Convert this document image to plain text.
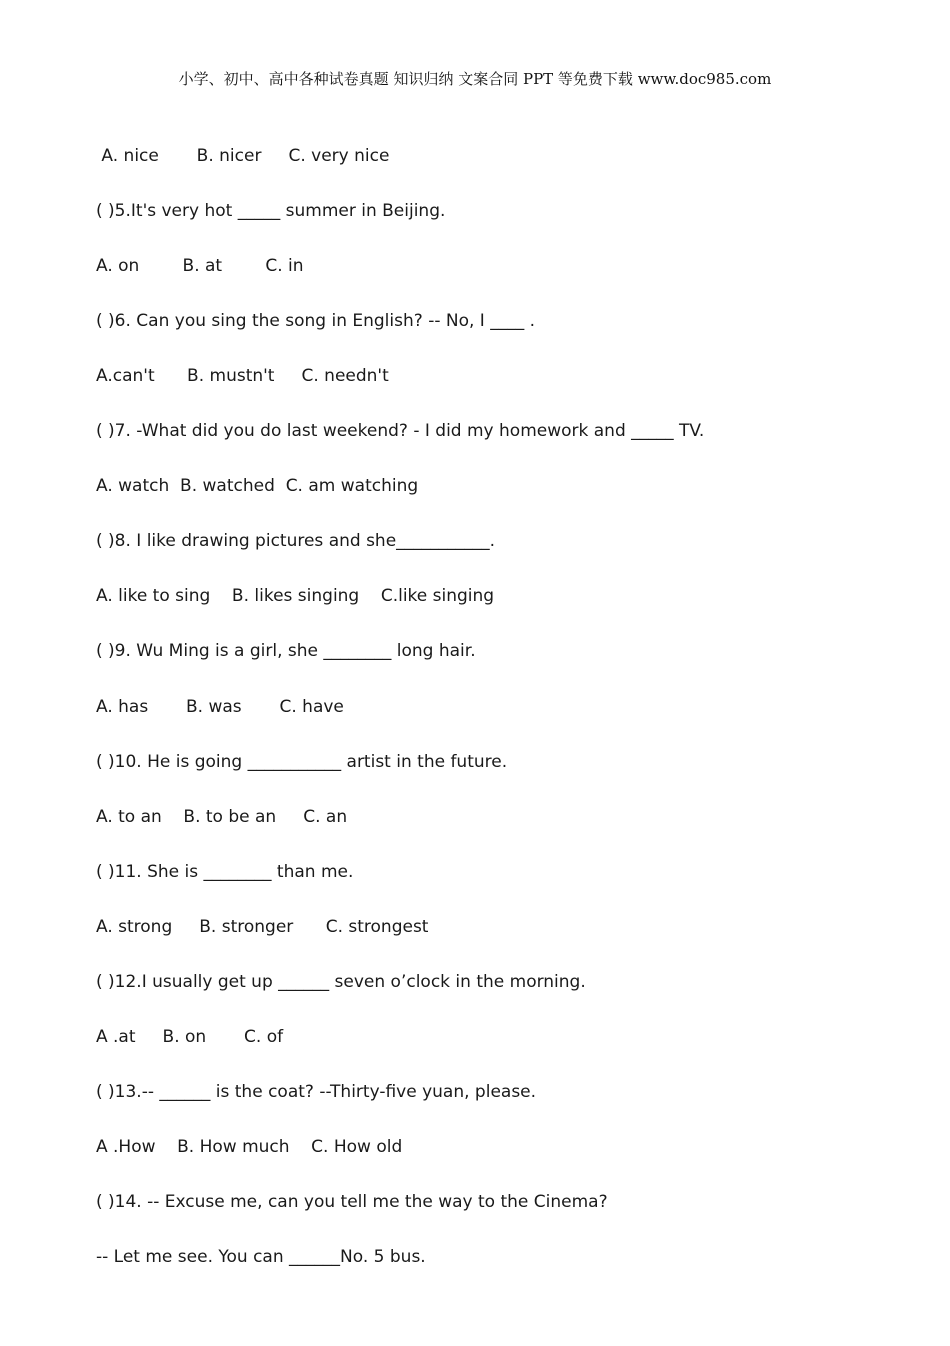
小学、初中、高中各种试卷真题 知识归纳 文案合同 PPT 等免费下载 www.doc985.com
A. nice       B. nicer     C. very nice
( )5.It's very hot _____ summer in Beijing.
A. on        B. at        C. in
( )6. Can you sing the song in English? -- No, I ____ .
A.can't      B. mustn't     C. needn't
( )7. -What did you do last weekend? - I did my homework and _____ TV.
A. watch  B. watched  C. am watching
( )8. I like drawing pictures and she___________.
A. like to sing    B. likes singing    C.like singing
( )9. Wu Ming is a girl, she ________ long hair.
A. has       B. was       C. have
( )10. He is going ___________ artist in the future.
A. to an    B. to be an     C. an
( )11. She is ________ than me.
A. strong     B. stronger      C. strongest
( )12.I usually get up ______ seven o’clock in the morning.
A .at     B. on       C. of
( )13.-- ______ is the coat? --Thirty-five yuan, please.
A .How    B. How much    C. How old
( )14. -- Excuse me, can you tell me the way to the Cinema?
-- Let me see. You can ______No. 5 bus.
